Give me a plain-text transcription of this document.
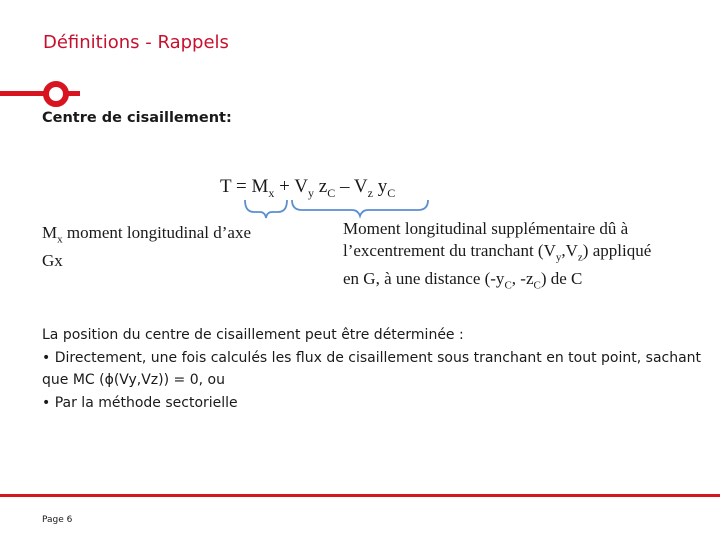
Définitions - Rappels
Centre de cisaillement:
$T = M_x + V_y$ $z_C - V_z$ $y_C$
$M_x$ moment longitudinal d’axe
Gx
Moment longitudinal supplémentaire dû à
l’excentrement du tranchant $(V_y,V_z)$ appliqué
en G, à une distance ($-y_C$, $-z_C$) de C

La position du centre de cisaillement peut être déterminée :

• Directement, une fois calculés les flux de cisaillement sous tranchant en tout point, sachant que MC (ϕ(Vy,Vz)) = 0, ou

• Par la méthode sectorielle

Page 6
